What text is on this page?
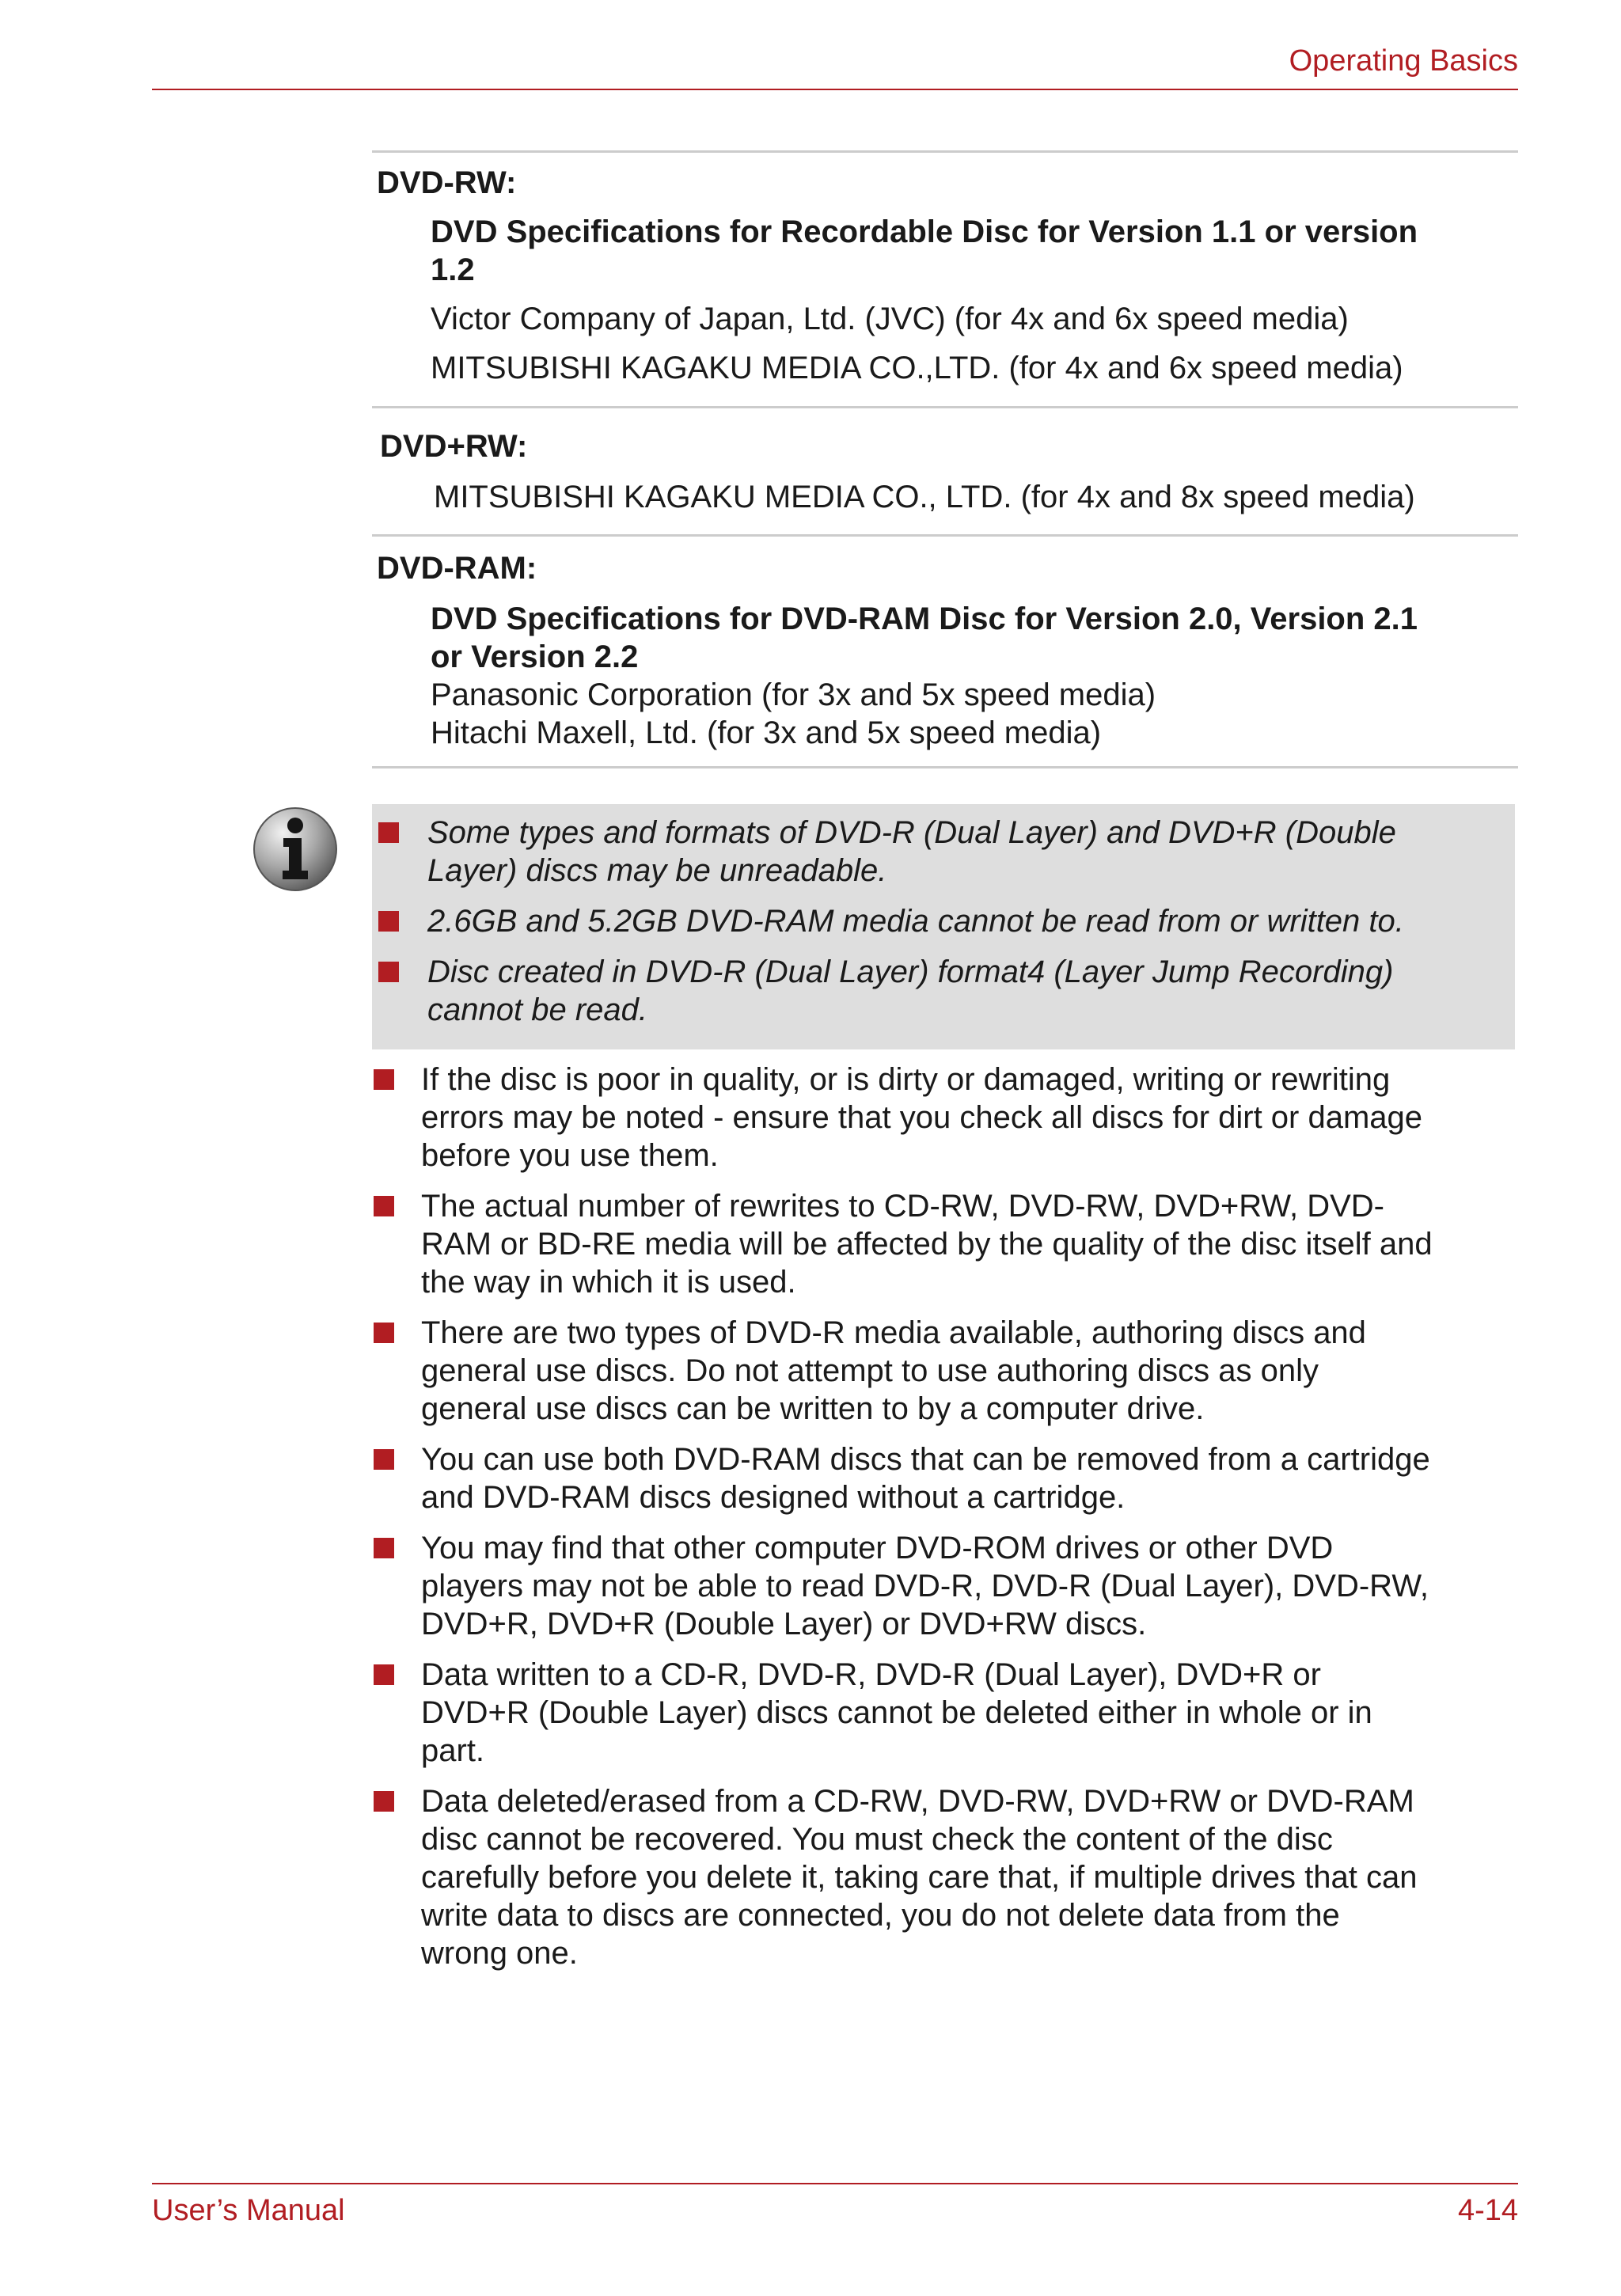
Operating Basics
DVD-RW:
DVD Specifications for Recordable Disc for Version 1.1 or version
1.2
Victor Company of Japan, Ltd. (JVC) (for 4x and 6x speed media)
MITSUBISHI KAGAKU MEDIA CO.,LTD. (for 4x and 6x speed media)
DVD+RW:
MITSUBISHI KAGAKU MEDIA CO., LTD. (for 4x and 8x speed media)
DVD-RAM:
DVD Specifications for DVD-RAM Disc for Version 2.0, Version 2.1
or Version 2.2
Panasonic Corporation (for 3x and 5x speed media)
Hitachi Maxell, Ltd. (for 3x and 5x speed media)
Some types and formats of DVD-R (Dual Layer) and DVD+R (Double
Layer) discs may be unreadable.
2.6GB and 5.2GB DVD-RAM media cannot be read from or written to.
Disc created in DVD-R (Dual Layer) format4 (Layer Jump Recording)
cannot be read.
If the disc is poor in quality, or is dirty or damaged, writing or rewriting
errors may be noted - ensure that you check all discs for dirt or damage
before you use them.
The actual number of rewrites to CD-RW, DVD-RW, DVD+RW, DVD-
RAM or BD-RE media will be affected by the quality of the disc itself and
the way in which it is used.
There are two types of DVD-R media available, authoring discs and
general use discs. Do not attempt to use authoring discs as only
general use discs can be written to by a computer drive.
You can use both DVD-RAM discs that can be removed from a cartridge
and DVD-RAM discs designed without a cartridge.
You may find that other computer DVD-ROM drives or other DVD
players may not be able to read DVD-R, DVD-R (Dual Layer), DVD-RW,
DVD+R, DVD+R (Double Layer) or DVD+RW discs.
Data written to a CD-R, DVD-R, DVD-R (Dual Layer), DVD+R or
DVD+R (Double Layer) discs cannot be deleted either in whole or in
part.
Data deleted/erased from a CD-RW, DVD-RW, DVD+RW or DVD-RAM
disc cannot be recovered. You must check the content of the disc
carefully before you delete it, taking care that, if multiple drives that can
write data to discs are connected, you do not delete data from the
wrong one.
User’s Manual	4-14
